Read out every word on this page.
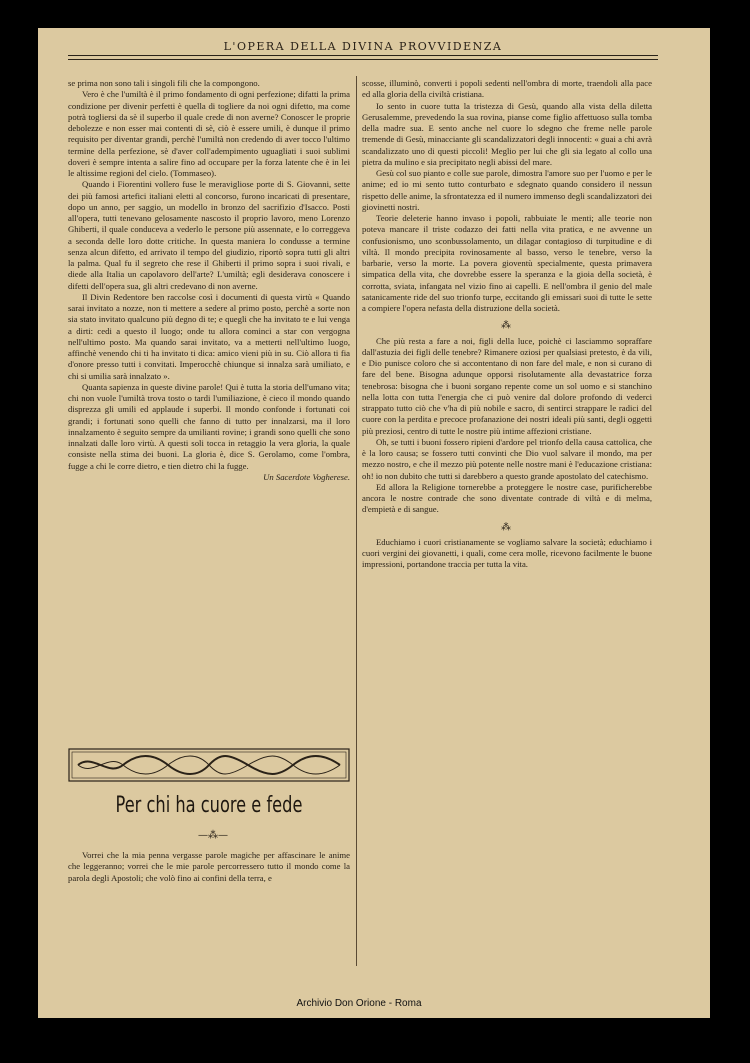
L'OPERA DELLA DIVINA PROVVIDENZA

se prima non sono tali i singoli fili che la compongono.

Vero è che l'umiltà è il primo fondamento di ogni perfezione; difatti la prima condizione per divenir perfetti è quella di togliere da noi ogni difetto, ma come potrà togliersi da sè il superbo il quale crede di non averne? Conoscer le proprie debolezze e non esser mai contenti di sè, ciò è essere umili, è dunque il primo requisito per diventar grandi, perchè l'umiltà non credendo di aver tocco l'ultimo termine della perfezione, sè d'aver coll'adempimento uguagliati i suoi sublimi doveri è sempre intenta a salire fino ad occupare per la forza latente che è in lei le altissime regioni del cielo. (Tommaseo).

Quando i Fiorentini vollero fuse le meravigliose porte di S. Giovanni, sette dei più famosi artefici italiani eletti al concorso, furono incaricati di presentare, dopo un anno, per saggio, un modello in bronzo del sacrifizio d'Isacco. Posti all'opera, tutti tenevano gelosamente nascosto il proprio lavoro, meno Lorenzo Ghiberti, il quale conduceva a vederlo le persone più assennate, e lo correggeva a seconda delle loro dotte critiche. In questa maniera lo condusse a termine senza alcun difetto, ed arrivato il tempo del giudizio, riportò sopra tutti gli altri la palma. Qual fu il segreto che rese il Ghiberti il primo sopra i suoi rivali, e diede alla Italia un capolavoro dell'arte? L'umiltà; egli desiderava conoscere i difetti dell'opera sua, gli altri credevano di non averne.

Il Divin Redentore ben raccolse così i documenti di questa virtù « Quando sarai invitato a nozze, non ti mettere a sedere al primo posto, perchè a sorte non sia stato invitato qualcuno più degno di te; e quegli che ha invitato te e lui venga a dirti: cedi a questo il luogo; onde tu allora cominci a star con vergogna nell'ultimo posto. Ma quando sarai invitato, va a metterti nell'ultimo luogo, affinchè venendo chi ti ha invitato ti dica: amico vieni più in su. Ciò allora ti fia d'onore presso tutti i convitati. Imperocchè chiunque si innalza sarà umiliato, e chi si umilia sarà innalzato ».

Quanta sapienza in queste divine parole! Qui è tutta la storia dell'umano vita; chi non vuole l'umiltà trova tosto o tardi l'umiliazione, è cieco il mondo quando disprezza gli umili ed applaude i superbi. Il mondo confonde i fortunati coi grandi; i fortunati sono quelli che fanno di tutto per innalzarsi, ma il loro innalzamento è seguito sempre da umilianti rovine; i grandi sono quelli che sono innalzati dalle loro virtù. A questi soli tocca in retaggio la vera gloria, la quale consiste nella stima dei buoni. La gloria è, dice S. Gerolamo, come l'ombra, fugge a chi le corre dietro, e tien dietro chi la fugge.

Un Sacerdote Vogherese.
Per chi ha cuore e fede
—⁂—

Vorrei che la mia penna vergasse parole magiche per affascinare le anime che leggeranno; vorrei che le mie parole percorressero tutto il mondo come la parola degli Apostoli; che volò fino ai confini della terra, e

scosse, illuminò, converti i popoli sedenti nell'ombra di morte, traendoli alla pace ed alla gloria della civiltà cristiana.

Io sento in cuore tutta la tristezza di Gesù, quando alla vista della diletta Gerusalemme, prevedendo la sua rovina, pianse come figlio affettuoso sulla tomba della madre sua. E sento anche nel cuore lo sdegno che freme nelle parole tremende di Gesù, minacciante gli scandalizzatori degli innocenti: « guai a chi avrà scandalizzato uno di questi piccoli! Meglio per lui che gli sia legato al collo una pietra da mulino e sia precipitato negli abissi del mare.

Gesù col suo pianto e colle sue parole, dimostra l'amore suo per l'uomo e per le anime; ed io mi sento tutto conturbato e sdegnato quando considero il nessun rispetto delle anime, la sfrontatezza ed il numero immenso degli scandalizzatori dei giovinetti nostri.

Teorie deleterie hanno invaso i popoli, rabbuiate le menti; alle teorie non poteva mancare il triste codazzo dei fatti nella vita pratica, e ne avvenne un confusionismo, uno sconbussolamento, un dilagar contagioso di turpitudine e di viltà. Il mondo precipita rovinosamente al basso, verso le tenebre, verso la barbarie, verso la morte. La povera gioventù specialmente, questa primavera simpatica della vita, che dovrebbe essere la speranza e la gioia della società, è corrotta, sviata, infangata nel vizio fino ai capelli. E nell'ombra il genio del male satanicamente ride del suo trionfo turpe, eccitando gli emissari suoi di tutte le sette a compiere l'opera nefasta della distruzione della società.

⁂

Che più resta a fare a noi, figli della luce, poichè ci lasciammo sopraffare dall'astuzia dei figli delle tenebre? Rimanere oziosi per qualsiasi pretesto, è da vili, e Dio punisce coloro che si accontentano di non fare del male, e non si curano di fare del bene. Bisogna adunque opporsi risolutamente alla devastatrice forza tenebrosa: bisogna che i buoni sorgano repente come un sol uomo e si stanchino nella lotta con tutta l'energia che ci può venire dal dolore profondo di vederci strappato tutto ciò che v'ha di più nobile e sacro, di sentirci strappare le radici del cuore con la perdita e precoce profanazione dei nostri ideali più santi, degli oggetti più preziosi, centro di tutte le nostre più intime affezioni cristiane.

Oh, se tutti i buoni fossero ripieni d'ardore pel trionfo della causa cattolica, che è la loro causa; se fossero tutti convinti che Dio vuol salvare il mondo, ma per mezzo nostro, e che il mezzo più potente nelle nostre mani è l'educazione cristiana: oh! io non dubito che tutti si darebbero a questo grande apostolato del catechismo.

Ed allora la Religione tornerebbe a proteggere le nostre case, purificherebbe ancora le nostre contrade che sono diventate contrade di viltà e di melma, d'empietà e di sangue.

⁂

Educhiamo i cuori cristianamente se vogliamo salvare la società; educhiamo i cuori vergini dei giovanetti, i quali, come cera molle, ricevono facilmente le buone impressioni, portandone traccia per tutta la vita.

Archivio Don Orione - Roma
